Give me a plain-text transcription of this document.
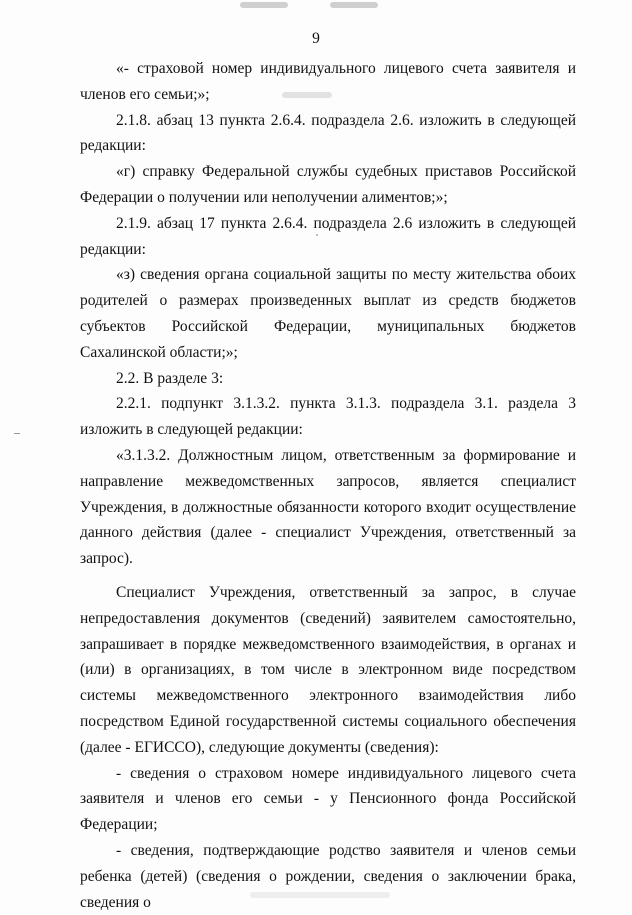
9

«- страховой номер индивидуального лицевого счета заявителя и членов его семьи;»;

2.1.8. абзац 13 пункта 2.6.4. подраздела 2.6. изложить в следующей редакции:

«г) справку Федеральной службы судебных приставов Российской Федерации о получении или неполучении алиментов;»;

2.1.9. абзац 17 пункта 2.6.4. подраздела 2.6 изложить в следующей редакции:

«з) сведения органа социальной защиты по месту жительства обоих родителей о размерах произведенных выплат из средств бюджетов субъектов Российской Федерации, муниципальных бюджетов Сахалинской области;»;

2.2. В разделе 3:

2.2.1. подпункт 3.1.3.2. пункта 3.1.3. подраздела 3.1. раздела 3 изложить в следующей редакции:

«3.1.3.2. Должностным лицом, ответственным за формирование и направление межведомственных запросов, является специалист Учреждения, в должностные обязанности которого входит осуществление данного действия (далее - специалист Учреждения, ответственный за запрос).

Специалист Учреждения, ответственный за запрос, в случае непредоставления документов (сведений) заявителем самостоятельно, запрашивает в порядке межведомственного взаимодействия, в органах и (или) в организациях, в том числе в электронном виде посредством системы межведомственного электронного взаимодействия либо посредством Единой государственной системы социального обеспечения (далее - ЕГИССО), следующие документы (сведения):

- сведения о страховом номере индивидуального лицевого счета заявителя и членов его семьи - у Пенсионного фонда Российской Федерации;

- сведения, подтверждающие родство заявителя и членов семьи ребенка (детей) (сведения о рождении, сведения о заключении брака, сведения о
